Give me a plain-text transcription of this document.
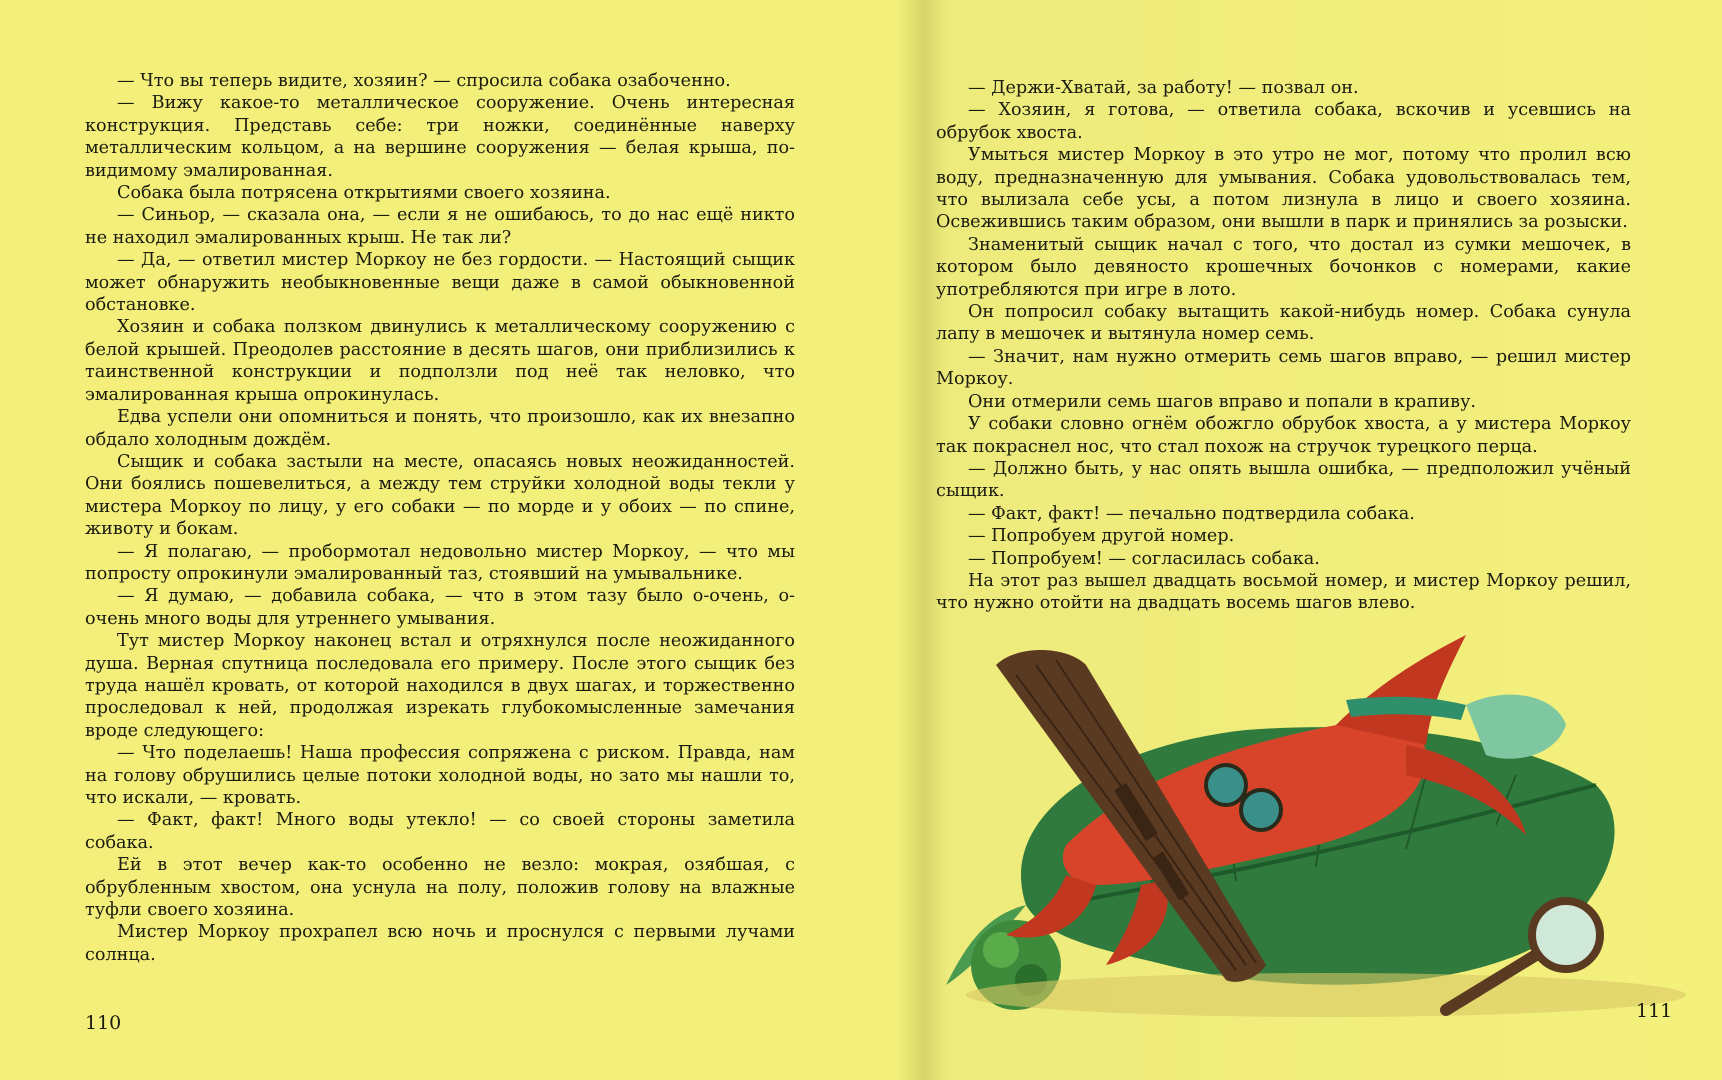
— Что вы теперь видите, хозяин? — спросила собака озабоченно.

— Вижу какое-то металлическое сооружение. Очень интересная конструкция. Представь себе: три ножки, соединённые наверху металлическим кольцом, а на вершине сооружения — белая крыша, по-видимому эмалированная.

Собака была потрясена открытиями своего хозяина.

— Синьор, — сказала она, — если я не ошибаюсь, то до нас ещё никто не находил эмалированных крыш. Не так ли?

— Да, — ответил мистер Моркоу не без гордости. — Настоящий сыщик может обнаружить необыкновенные вещи даже в самой обыкновенной обстановке.

Хозяин и собака ползком двинулись к металлическому сооружению с белой крышей. Преодолев расстояние в десять шагов, они приблизились к таинственной конструкции и подползли под неё так неловко, что эмалированная крыша опрокинулась.

Едва успели они опомниться и понять, что произошло, как их внезапно обдало холодным дождём.

Сыщик и собака застыли на месте, опасаясь новых неожиданностей. Они боялись пошевелиться, а между тем струйки холодной воды текли у мистера Моркоу по лицу, у его собаки — по морде и у обоих — по спине, животу и бокам.

— Я полагаю, — пробормотал недовольно мистер Моркоу, — что мы попросту опрокинули эмалированный таз, стоявший на умывальнике.

— Я думаю, — добавила собака, — что в этом тазу было о-очень, о-очень много воды для утреннего умывания.

Тут мистер Моркоу наконец встал и отряхнулся после неожиданного душа. Верная спутница последовала его примеру. После этого сыщик без труда нашёл кровать, от которой находился в двух шагах, и торжественно проследовал к ней, продолжая изрекать глубокомысленные замечания вроде следующего:

— Что поделаешь! Наша профессия сопряжена с риском. Правда, нам на голову обрушились целые потоки холодной воды, но зато мы нашли то, что искали, — кровать.

— Факт, факт! Много воды утекло! — со своей стороны заметила собака.

Ей в этот вечер как-то особенно не везло: мокрая, озябшая, с обрубленным хвостом, она уснула на полу, положив голову на влажные туфли своего хозяина.

Мистер Моркоу прохрапел всю ночь и проснулся с первыми лучами солнца.

110

— Держи-Хватай, за работу! — позвал он.

— Хозяин, я готова, — ответила собака, вскочив и усевшись на обрубок хвоста.

Умыться мистер Моркоу в это утро не мог, потому что пролил всю воду, предназначенную для умывания. Собака удовольствовалась тем, что вылизала себе усы, а потом лизнула в лицо и своего хозяина. Освежившись таким образом, они вышли в парк и принялись за розыски.

Знаменитый сыщик начал с того, что достал из сумки мешочек, в котором было девяносто крошечных бочонков с номерами, какие употребляются при игре в лото.

Он попросил собаку вытащить какой-нибудь номер. Собака сунула лапу в мешочек и вытянула номер семь.

— Значит, нам нужно отмерить семь шагов вправо, — решил мистер Моркоу.

Они отмерили семь шагов вправо и попали в крапиву.

У собаки словно огнём обожгло обрубок хвоста, а у мистера Моркоу так покраснел нос, что стал похож на стручок турецкого перца.

— Должно быть, у нас опять вышла ошибка, — предположил учёный сыщик.

— Факт, факт! — печально подтвердила собака.

— Попробуем другой номер.

— Попробуем! — согласилась собака.

На этот раз вышел двадцать восьмой номер, и мистер Моркоу решил, что нужно отойти на двадцать восемь шагов влево.

111
